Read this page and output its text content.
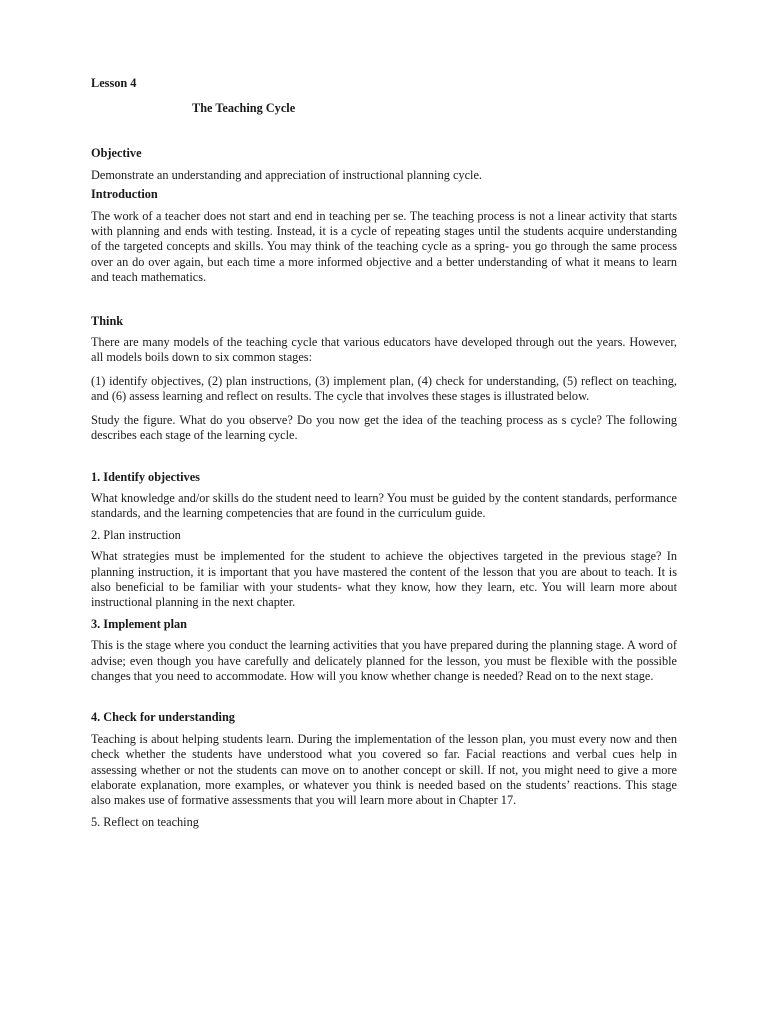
Lesson 4
The Teaching Cycle
Objective

Demonstrate an understanding and appreciation of instructional planning cycle.

Introduction

The work of a teacher does not start and end in teaching per se. The teaching process is not a linear activity that starts with planning and ends with testing. Instead, it is a cycle of repeating stages until the students acquire understanding of the targeted concepts and skills. You may think of the teaching cycle as a spring- you go through the same process over an do over again, but each time a more informed objective and a better understanding of what it means to learn and teach mathematics.

Think

There are many models of the teaching cycle that various educators have developed through out the years. However, all models boils down to six common stages:

(1) identify objectives, (2) plan instructions, (3) implement plan, (4) check for understanding, (5) reflect on teaching, and (6) assess learning and reflect on results. The cycle that involves these stages is illustrated below.

Study the figure. What do you observe? Do you now get the idea of the teaching process as s cycle? The following describes each stage of the learning cycle.

1. Identify objectives

What knowledge and/or skills do the student need to learn? You must be guided by the content standards, performance standards, and the learning competencies that are found in the curriculum guide.

2. Plan instruction

What strategies must be implemented for the student to achieve the objectives targeted in the previous stage? In planning instruction, it is important that you have mastered the content of the lesson that you are about to teach. It is also beneficial to be familiar with your students- what they know, how they learn, etc. You will learn more about instructional planning in the next chapter.

3. Implement plan

This is the stage where you conduct the learning activities that you have prepared during the planning stage. A word of advise; even though you have carefully and delicately planned for the lesson, you must be flexible with the possible changes that you need to accommodate. How will you know whether change is needed? Read on to the next stage.

4. Check for understanding

Teaching is about helping students learn. During the implementation of the lesson plan, you must every now and then check whether the students have understood what you covered so far. Facial reactions and verbal cues help in assessing whether or not the students can move on to another concept or skill. If not, you might need to give a more elaborate explanation, more examples, or whatever you think is needed based on the students’ reactions. This stage also makes use of formative assessments that you will learn more about in Chapter 17.

5. Reflect on teaching
